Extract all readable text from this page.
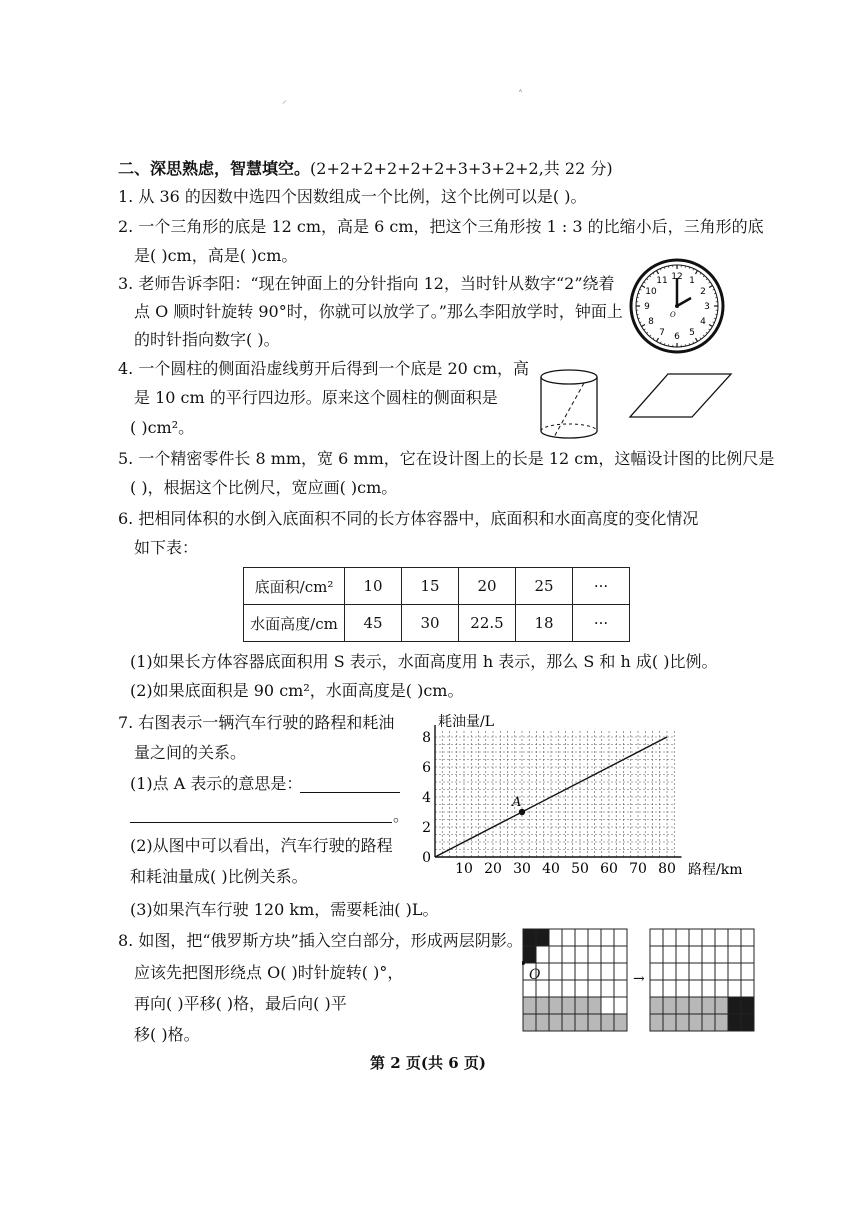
⸝	˄
二、深思熟虑，智慧填空。(2+2+2+2+2+2+3+3+2+2,共 22 分)
1. 从 36 的因数中选四个因数组成一个比例，这个比例可以是( )。
2. 一个三角形的底是 12 cm，高是 6 cm，把这个三角形按 1 : 3 的比缩小后，三角形的底
是( )cm，高是( )cm。
3. 老师告诉李阳：“现在钟面上的分针指向 12，当时针从数字“2”绕着
点 O 顺时针旋转 90°时，你就可以放学了。”那么李阳放学时，钟面上
的时针指向数字( )。
12 1
2
3
4
5
6
7
8
9
10
11
O
4. 一个圆柱的侧面沿虚线剪开后得到一个底是 20 cm，高
是 10 cm 的平行四边形。原来这个圆柱的侧面积是
( )cm²。
5. 一个精密零件长 8 mm，宽 6 mm，它在设计图上的长是 12 cm，这幅设计图的比例尺是
( )，根据这个比例尺，宽应画( )cm。
6. 把相同体积的水倒入底面积不同的长方体容器中，底面积和水面高度的变化情况
如下表：
底面积/cm²	10	15	20	25	···
水面高度/cm	45	30	22.5	18	···
(1)如果长方体容器底面积用 S 表示，水面高度用 h 表示，那么 S 和 h 成( )比例。
(2)如果底面积是 90 cm²，水面高度是( )cm。
7. 右图表示一辆汽车行驶的路程和耗油
量之间的关系。
(1)点 A 表示的意思是：
。
(2)从图中可以看出，汽车行驶的路程
和耗油量成( )比例关系。
(3)如果汽车行驶 120 km，需要耗油( )L。
10 20 30 40 50 60 70 80
0
2
4
6
8
耗油量/L
路程/km
A
8. 如图，把“俄罗斯方块”插入空白部分，形成两层阴影。
应该先把图形绕点 O( )时针旋转( )°，
再向( )平移( )格，最后向( )平
移( )格。
→
O
第 2 页(共 6 页)
